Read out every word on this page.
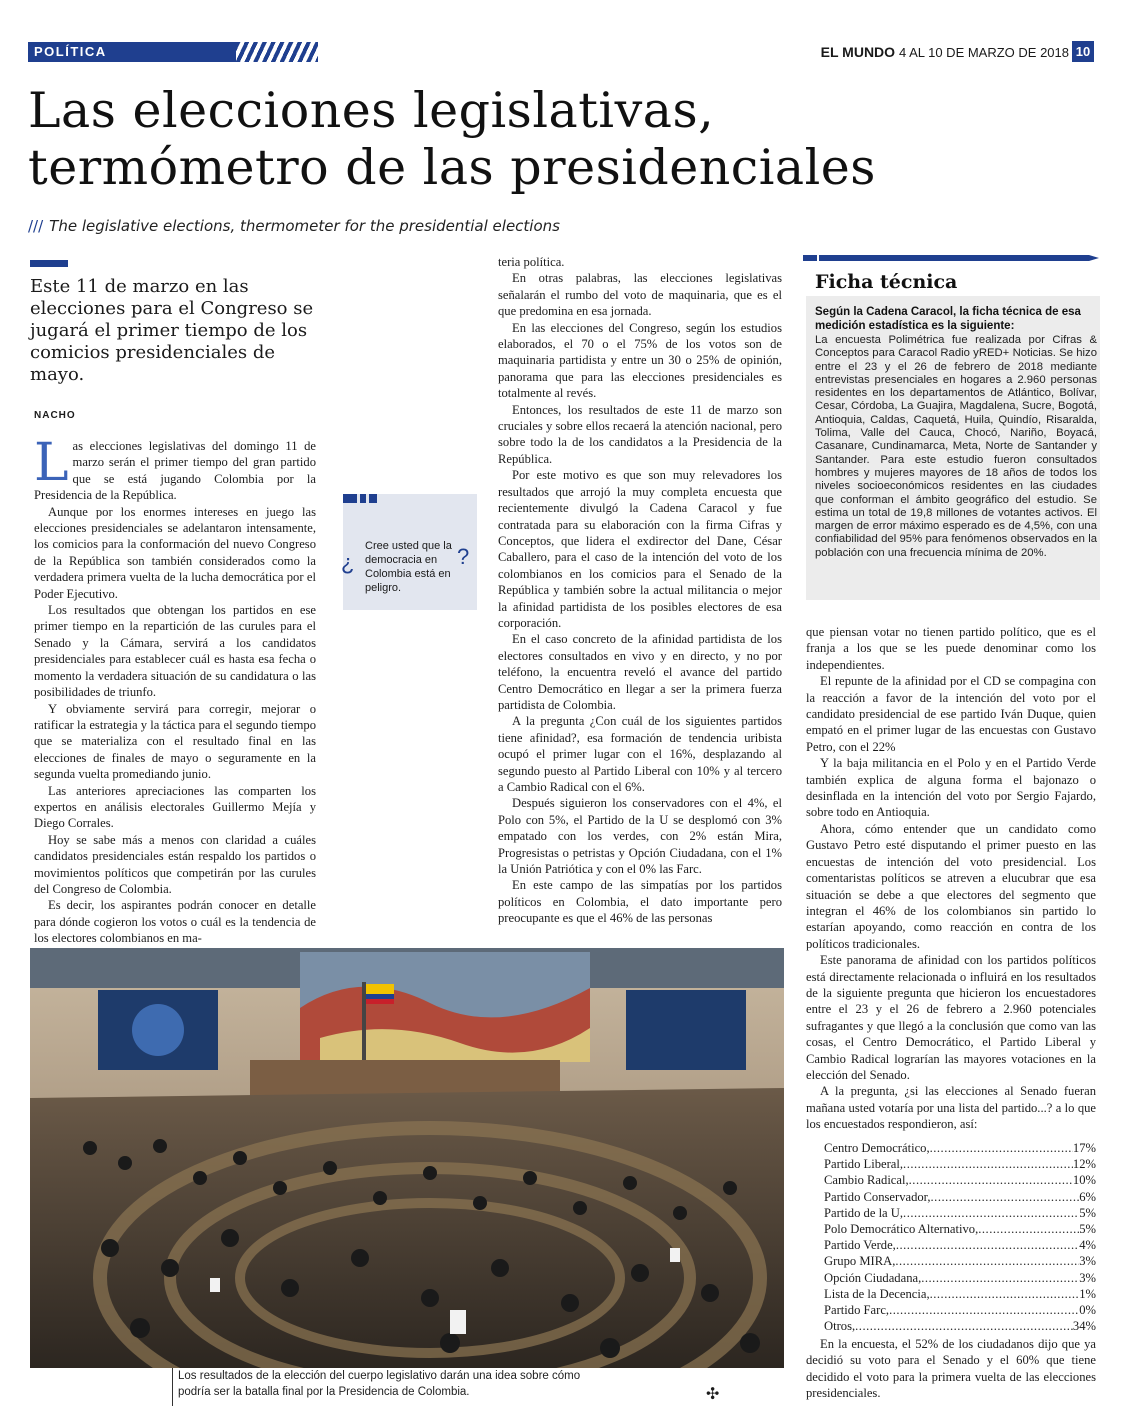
POLÍTICA	EL MUNDO 4 AL 10 DE MARZO DE 2018 10
Las elecciones legislativas,
termómetro de las presidenciales
/// The legislative elections, thermometer for the presidential elections
Este 11 de marzo en las elecciones para el Congreso se jugará el primer tiempo de los comicios presidenciales de mayo.
NACHO

Las elecciones legislativas del domingo 11 de marzo serán el primer tiempo del gran partido que se está jugando Colombia por la Presidencia de la República.

Aunque por los enormes intereses en juego las elecciones presidenciales se adelantaron intensamente, los comicios para la conformación del nuevo Congreso de la República son también considerados como la verdadera primera vuelta de la lucha democrática por el Poder Ejecutivo.

Los resultados que obtengan los partidos en ese primer tiempo en la repartición de las curules para el Senado y la Cámara, servirá a los candidatos presidenciales para establecer cuál es hasta esa fecha o momento la verdadera situación de su candidatura o las posibilidades de triunfo.

Y obviamente servirá para corregir, mejorar o ratificar la estrategia y la táctica para el segundo tiempo que se materializa con el resultado final en las elecciones de finales de mayo o seguramente en la segunda vuelta promediando junio.

Las anteriores apreciaciones las comparten los expertos en análisis electorales Guillermo Mejía y Diego Corrales.

Hoy se sabe más a menos con claridad a cuáles candidatos presidenciales están respaldo los partidos o movimientos políticos que competirán por las curules del Congreso de Colombia.

Es decir, los aspirantes podrán conocer en detalle para dónde cogieron los votos o cuál es la tendencia de los electores colombianos en ma-

¿	?
Cree usted que la democracia en Colombia está en peligro.

teria política.

En otras palabras, las elecciones legislativas señalarán el rumbo del voto de maquinaria, que es el que predomina en esa jornada.

En las elecciones del Congreso, según los estudios elaborados, el 70 o el 75% de los votos son de maquinaria partidista y entre un 30 o 25% de opinión, panorama que para las elecciones presidenciales es totalmente al revés.

Entonces, los resultados de este 11 de marzo son cruciales y sobre ellos recaerá la atención nacional, pero sobre todo la de los candidatos a la Presidencia de la República.

Por este motivo es que son muy relevadores los resultados que arrojó la muy completa encuesta que recientemente divulgó la Cadena Caracol y fue contratada para su elaboración con la firma Cifras y Conceptos, que lidera el exdirector del Dane, César Caballero, para el caso de la intención del voto de los colombianos en los comicios para el Senado de la República y también sobre la actual militancia o mejor la afinidad partidista de los posibles electores de esa corporación.

En el caso concreto de la afinidad partidista de los electores consultados en vivo y en directo, y no por teléfono, la encuentra reveló el avance del partido Centro Democrático en llegar a ser la primera fuerza partidista de Colombia.

A la pregunta ¿Con cuál de los siguientes partidos tiene afinidad?, esa formación de tendencia uribista ocupó el primer lugar con el 16%, desplazando al segundo puesto al Partido Liberal con 10% y al tercero a Cambio Radical con el 6%.

Después siguieron los conservadores con el 4%, el Polo con 5%, el Partido de la U se desplomó con 3% empatado con los verdes, con 2% están Mira, Progresistas o petristas y Opción Ciudadana, con el 1% la Unión Patriótica y con el 0% las Farc.

En este campo de las simpatías por los partidos políticos en Colombia, el dato importante pero preocupante es que el 46% de las personas

Ficha técnica
Según la Cadena Caracol, la ficha técnica de esa medición estadística es la siguiente:
La encuesta Polimétrica fue realizada por Cifras & Conceptos para Caracol Radio yRED+ Noticias. Se hizo entre el 23 y el 26 de febrero de 2018 mediante entrevistas presenciales en hogares a 2.960 personas residentes en los departamentos de Atlántico, Bolívar, Cesar, Córdoba, La Guajira, Magdalena, Sucre, Bogotá, Antioquia, Caldas, Caquetá, Huila, Quindío, Risaralda, Tolima, Valle del Cauca, Chocó, Nariño, Boyacá, Casanare, Cundinamarca, Meta, Norte de Santander y Santander. Para este estudio fueron consultados hombres y mujeres mayores de 18 años de todos los niveles socioeconómicos residentes en las ciudades que conforman el ámbito geográfico del estudio. Se estima un total de 19,8 millones de votantes activos. El margen de error máximo esperado es de 4,5%, con una confiabilidad del 95% para fenómenos observados en la población con una frecuencia mínima de 20%.

que piensan votar no tienen partido político, que es el franja a los que se les puede denominar como los independientes.

El repunte de la afinidad por el CD se compagina con la reacción a favor de la intención del voto por el candidato presidencial de ese partido Iván Duque, quien empató en el primer lugar de las encuestas con Gustavo Petro, con el 22%

Y la baja militancia en el Polo y en el Partido Verde también explica de alguna forma el bajonazo o desinflada en la intención del voto por Sergio Fajardo, sobre todo en Antioquia.

Ahora, cómo entender que un candidato como Gustavo Petro esté disputando el primer puesto en las encuestas de intención del voto presidencial. Los comentaristas políticos se atreven a elucubrar que esa situación se debe a que electores del segmento que integran el 46% de los colombianos sin partido lo estarían apoyando, como reacción en contra de los políticos tradicionales.

Este panorama de afinidad con los partidos políticos está directamente relacionada o influirá en los resultados de la siguiente pregunta que hicieron los encuestadores entre el 23 y el 26 de febrero a 2.960 potenciales sufragantes y que llegó a la conclusión que como van las cosas, el Centro Democrático, el Partido Liberal y Cambio Radical lograrían las mayores votaciones en la elección del Senado.

A la pregunta, ¿si las elecciones al Senado fueran mañana usted votaría por una lista del partido...? a lo que los encuestados respondieron, así:

Centro Democrático, .....	17%
Partido Liberal, .....	12%
Cambio Radical, .....	10%
Partido Conservador, .....	6%
Partido de la U, .....	5%
Polo Democrático Alternativo, .....	5%
Partido Verde, .....	4%
Grupo MIRA, .....	3%
Opción Ciudadana, .....	3%
Lista de la Decencia, .....	1%
Partido Farc, .....	0%
Otros, .....	34%

En la encuesta, el 52% de los ciudadanos dijo que ya decidió su voto para el Senado y el 60% que tiene decidido el voto para la primera vuelta de las elecciones presidenciales.

Los resultados de la elección del cuerpo legislativo darán una idea sobre cómo podría ser la batalla final por la Presidencia de Colombia.	✣
